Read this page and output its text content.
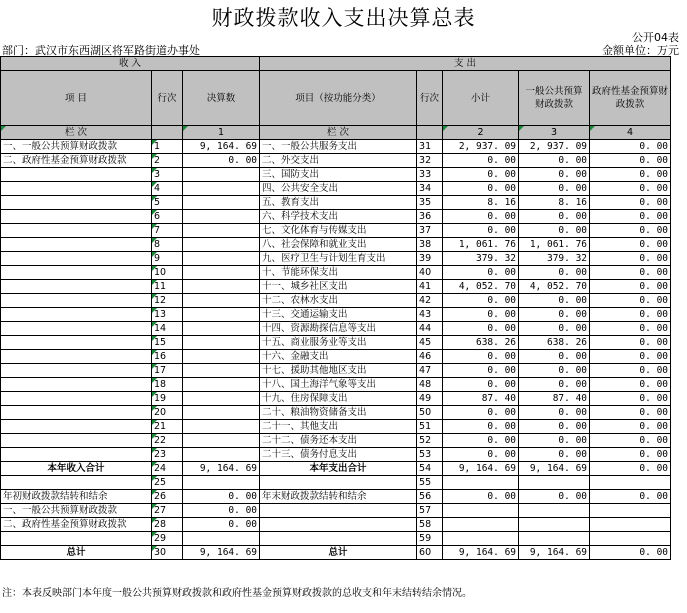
财政拨款收入支出决算总表
公开04表
部门：武汉市东西湖区将军路街道办事处	金额单位：万元
收 入			支 出				
项 目	行次	决算数	项目（按功能分类）	行次	小计	一般公共预算财政拨款	政府性基金预算财政拨款
栏 次		1	栏 次		2	3	4
一、一般公共预算财政拨款	1	9, 164. 69	一、一般公共服务支出	31	2, 937. 09	2, 937. 09	0. 00
二、政府性基金预算财政拨款	2	0. 00	二、外交支出	32	0. 00	0. 00	0. 00
	3		三、国防支出	33	0. 00	0. 00	0. 00
	4		四、公共安全支出	34	0. 00	0. 00	0. 00
	5		五、教育支出	35	8. 16	8. 16	0. 00
	6		六、科学技术支出	36	0. 00	0. 00	0. 00
	7		七、文化体育与传媒支出	37	0. 00	0. 00	0. 00
	8		八、社会保障和就业支出	38	1, 061. 76	1, 061. 76	0. 00
	9		九、医疗卫生与计划生育支出	39	379. 32	379. 32	0. 00
	10		十、节能环保支出	40	0. 00	0. 00	0. 00
	11		十一、城乡社区支出	41	4, 052. 70	4, 052. 70	0. 00
	12		十二、农林水支出	42	0. 00	0. 00	0. 00
	13		十三、交通运输支出	43	0. 00	0. 00	0. 00
	14		十四、资源勘探信息等支出	44	0. 00	0. 00	0. 00
	15		十五、商业服务业等支出	45	638. 26	638. 26	0. 00
	16		十六、金融支出	46	0. 00	0. 00	0. 00
	17		十七、援助其他地区支出	47	0. 00	0. 00	0. 00
	18		十八、国土海洋气象等支出	48	0. 00	0. 00	0. 00
	19		十九、住房保障支出	49	87. 40	87. 40	0. 00
	20		二十、粮油物资储备支出	50	0. 00	0. 00	0. 00
	21		二十一、其他支出	51	0. 00	0. 00	0. 00
	22		二十二、债务还本支出	52	0. 00	0. 00	0. 00
	23		二十三、债务付息支出	53	0. 00	0. 00	0. 00
本年收入合计	24	9, 164. 69	本年支出合计	54	9, 164. 69	9, 164. 69	0. 00
	25			55			
年初财政拨款结转和结余	26	0. 00	年末财政拨款结转和结余	56	0. 00	0. 00	0. 00
一、一般公共预算财政拨款	27	0. 00		57			
二、政府性基金预算财政拨款	28	0. 00		58			
	29			59			
总计	30	9, 164. 69	总计	60	9, 164. 69	9, 164. 69	0. 00
注：本表反映部门本年度一般公共预算财政拨款和政府性基金预算财政拨款的总收支和年末结转结余情况。
